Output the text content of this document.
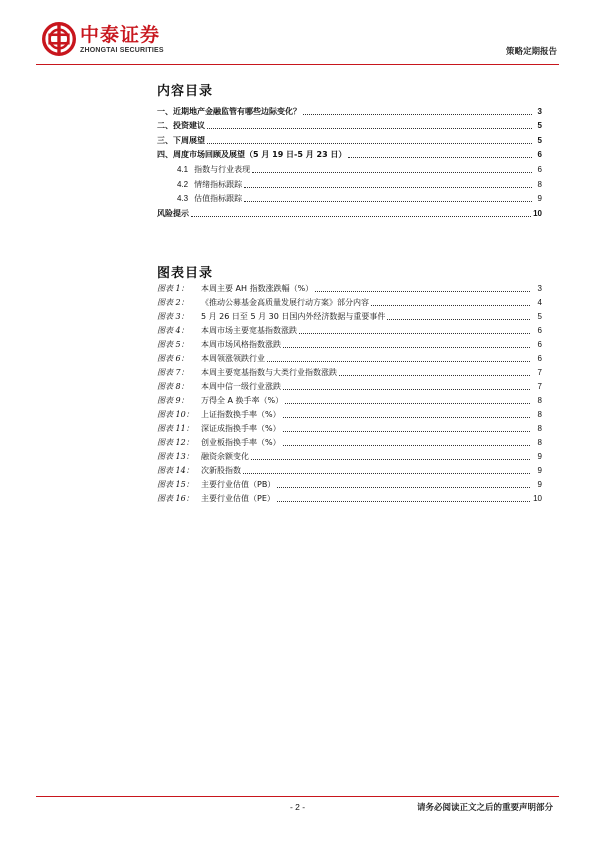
中泰证券
ZHONGTAI SECURITIES	策略定期报告
内容目录
一、近期地产金融监管有哪些边际变化？	3
二、投资建议	5
三、下周展望	5
四、周度市场回顾及展望（5 月 19 日-5 月 23 日）	6
4.1 指数与行业表现	6
4.2 情绪指标跟踪	8
4.3 估值指标跟踪	9
风险提示	10
图表目录
图表 1：	本周主要 AH 指数涨跌幅（%）	3
图表 2：	《推动公募基金高质量发展行动方案》部分内容	4
图表 3：	5 月 26 日至 5 月 30 日国内外经济数据与重要事件	5
图表 4：	本周市场主要宽基指数涨跌	6
图表 5：	本周市场风格指数涨跌	6
图表 6：	本周领涨领跌行业	6
图表 7：	本周主要宽基指数与大类行业指数涨跌	7
图表 8：	本周中信一级行业涨跌	7
图表 9：	万得全 A 换手率（%）	8
图表 10： 上证指数换手率（%）	8
图表 11： 深证成指换手率（%）	8
图表 12： 创业板指换手率（%）	8
图表 13： 融资余额变化	9
图表 14： 次新股指数	9
图表 15： 主要行业估值（PB）	9
图表 16： 主要行业估值（PE）	10
- 2 -	请务必阅读正文之后的重要声明部分
